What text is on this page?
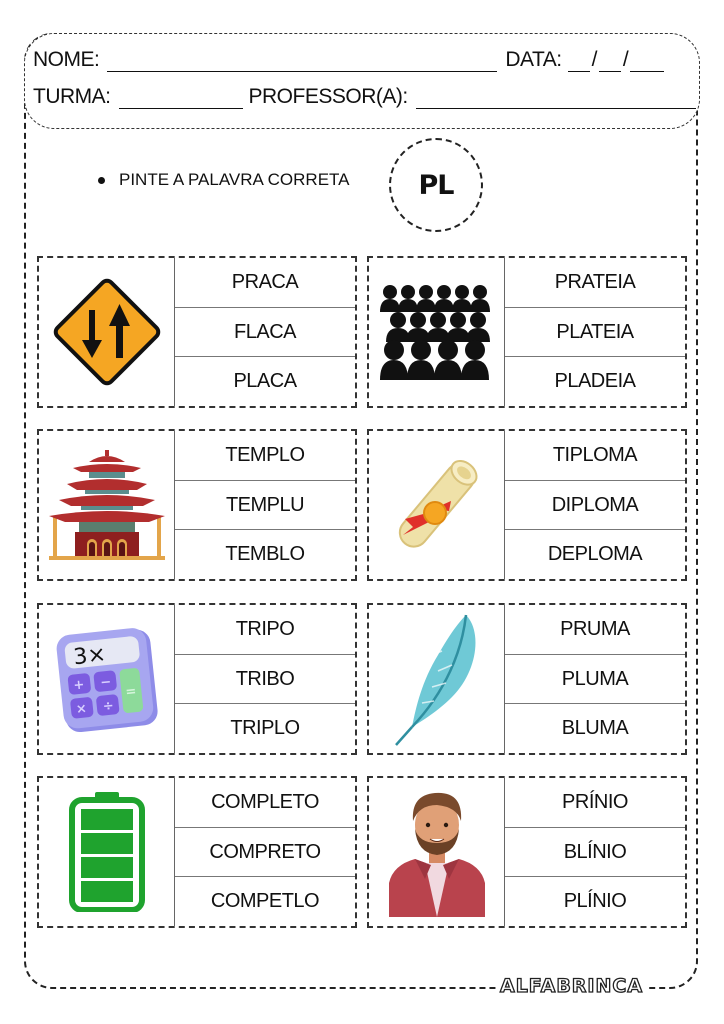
NOME:	DATA: / /
TURMA:	PROFESSOR(A):
PINTE A PALAVRA CORRETA	PL
PRACA
FLACA
PLACA
PRATEIA
PLATEIA
PLADEIA
TEMPLO
TEMPLU
TEMBLO
TIPLOMA
DIPLOMA
DEPLOMA
3×
+ −
× ÷
=
TRIPO
TRIBO
TRIPLO
PRUMA
PLUMA
BLUMA
COMPLETO
COMPRETO
COMPETLO
PRÍNIO
BLÍNIO
PLÍNIO
ALFABRINCA
